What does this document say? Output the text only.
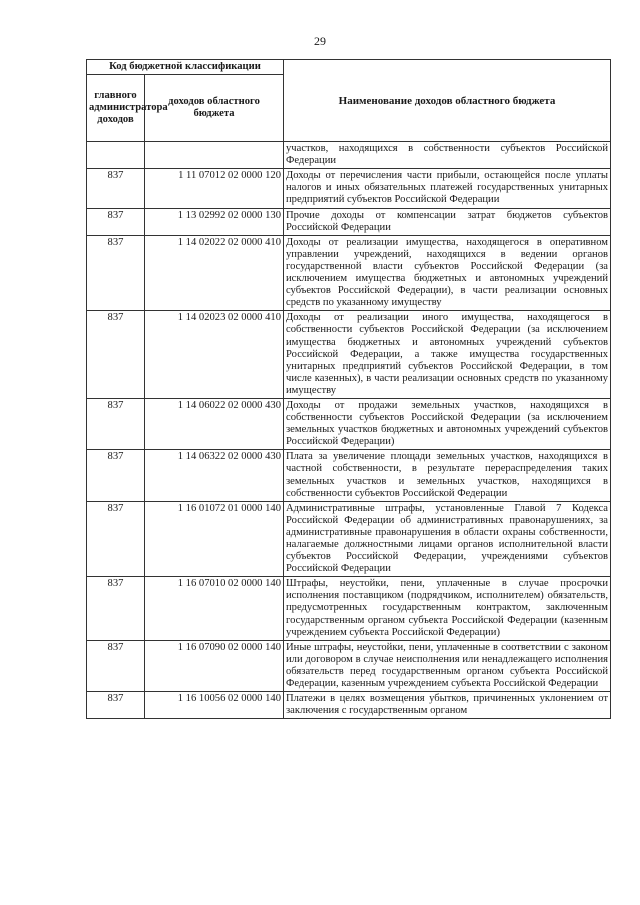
29
Код бюджетной классификации		Наименование доходов областного бюджета
главного администратора доходов	доходов областного бюджета	
		участков, находящихся в собственности субъектов Российской Федерации
837	1 11 07012 02 0000 120	Доходы от перечисления части прибыли, остающейся после уплаты налогов и иных обязательных платежей государственных унитарных предприятий субъектов Российской Федерации
837	1 13 02992 02 0000 130	Прочие доходы от компенсации затрат бюджетов субъектов Российской Федерации
837	1 14 02022 02 0000 410	Доходы от реализации имущества, находящегося в оперативном управлении учреждений, находящихся в ведении органов государственной власти субъектов Российской Федерации (за исключением имущества бюджетных и автономных учреждений субъектов Российской Федерации), в части реализации основных средств по указанному имуществу
837	1 14 02023 02 0000 410	Доходы от реализации иного имущества, находящегося в собственности субъектов Российской Федерации (за исключением имущества бюджетных и автономных учреждений субъектов Российской Федерации, а также имущества государственных унитарных предприятий субъектов Российской Федерации, в том числе казенных), в части реализации основных средств по указанному имуществу
837	1 14 06022 02 0000 430	Доходы от продажи земельных участков, находящихся в собственности субъектов Российской Федерации (за исключением земельных участков бюджетных и автономных учреждений субъектов Российской Федерации)
837	1 14 06322 02 0000 430	Плата за увеличение площади земельных участков, находящихся в частной собственности, в результате перераспределения таких земельных участков и земельных участков, находящихся в собственности субъектов Российской Федерации
837	1 16 01072 01 0000 140	Административные штрафы, установленные Главой 7 Кодекса Российской Федерации об административных правонарушениях, за административные правонарушения в области охраны собственности, налагаемые должностными лицами органов исполнительной власти субъектов Российской Федерации, учреждениями субъектов Российской Федерации
837	1 16 07010 02 0000 140	Штрафы, неустойки, пени, уплаченные в случае просрочки исполнения поставщиком (подрядчиком, исполнителем) обязательств, предусмотренных государственным контрактом, заключенным государственным органом субъекта Российской Федерации (казенным учреждением субъекта Российской Федерации)
837	1 16 07090 02 0000 140	Иные штрафы, неустойки, пени, уплаченные в соответствии с законом или договором в случае неисполнения или ненадлежащего исполнения обязательств перед государственным органом субъекта Российской Федерации, казенным учреждением субъекта Российской Федерации
837	1 16 10056 02 0000 140	Платежи в целях возмещения убытков, причиненных уклонением от заключения с государственным органом
